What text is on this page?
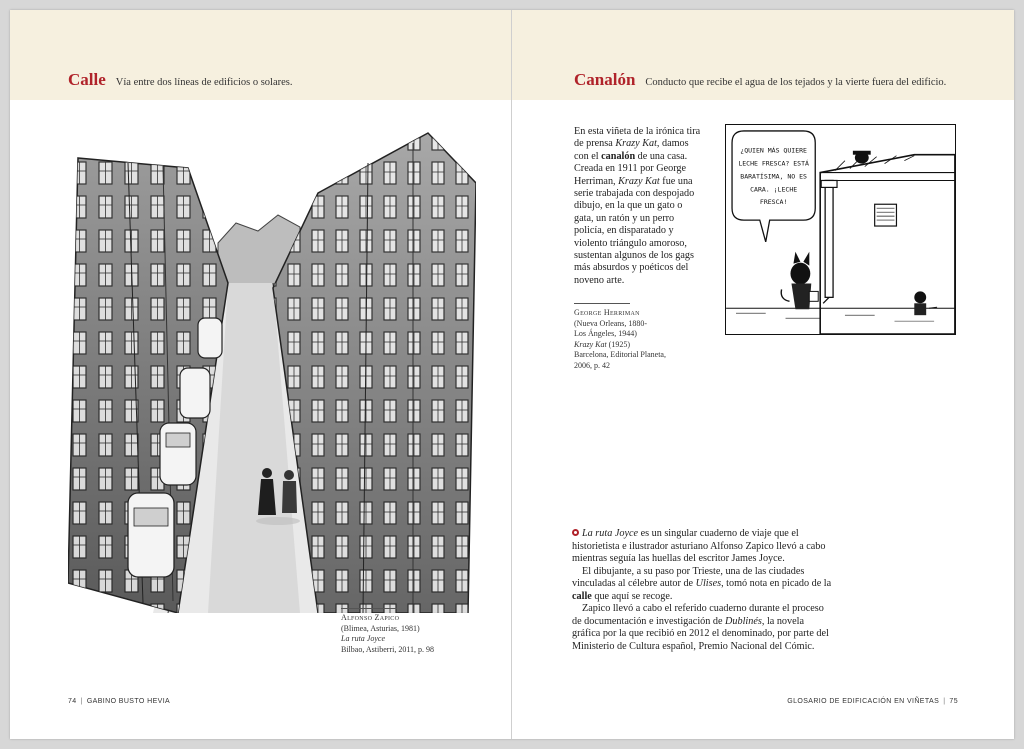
Calle Vía entre dos líneas de edificios o solares.
Alfonso Zapico
(Blimea, Asturias, 1981)
La ruta Joyce
Bilbao, Astiberri, 2011, p. 98
74 | GABINO BUSTO HEVIA
Canalón Conducto que recibe el agua de los tejados y la vierte fuera del edificio.

En esta viñeta de la irónica tira de prensa Krazy Kat, damos con el canalón de una casa. Creada en 1911 por George Herriman, Krazy Kat fue una serie trabajada con despojado dibujo, en la que un gato o gata, un ratón y un perro policía, en disparatado y violento triángulo amoroso, sustentan algunos de los gags más absurdos y poéticos del noveno arte.

George Herriman
(Nueva Orleans, 1880-
Los Ángeles, 1944)
Krazy Kat (1925)
Barcelona, Editorial Planeta,
2006, p. 42
¿QUIEN MÁS QUIERE
LECHE FRESCA? ESTÁ
BARATÍSIMA, NO ES
CARA. ¡LECHE
FRESCA!

La ruta Joyce es un singular cuaderno de viaje que el historietista e ilustrador asturiano Alfonso Zapico llevó a cabo mientras seguía las huellas del escritor James Joyce.

El dibujante, a su paso por Trieste, una de las ciudades vinculadas al célebre autor de Ulises, tomó nota en picado de la calle que aquí se recoge.

Zapico llevó a cabo el referido cuaderno durante el proceso de documentación e investigación de Dublinés, la novela gráfica por la que recibió en 2012 el denominado, por parte del Ministerio de Cultura español, Premio Nacional del Cómic.

GLOSARIO DE EDIFICACIÓN EN VIÑETAS | 75
